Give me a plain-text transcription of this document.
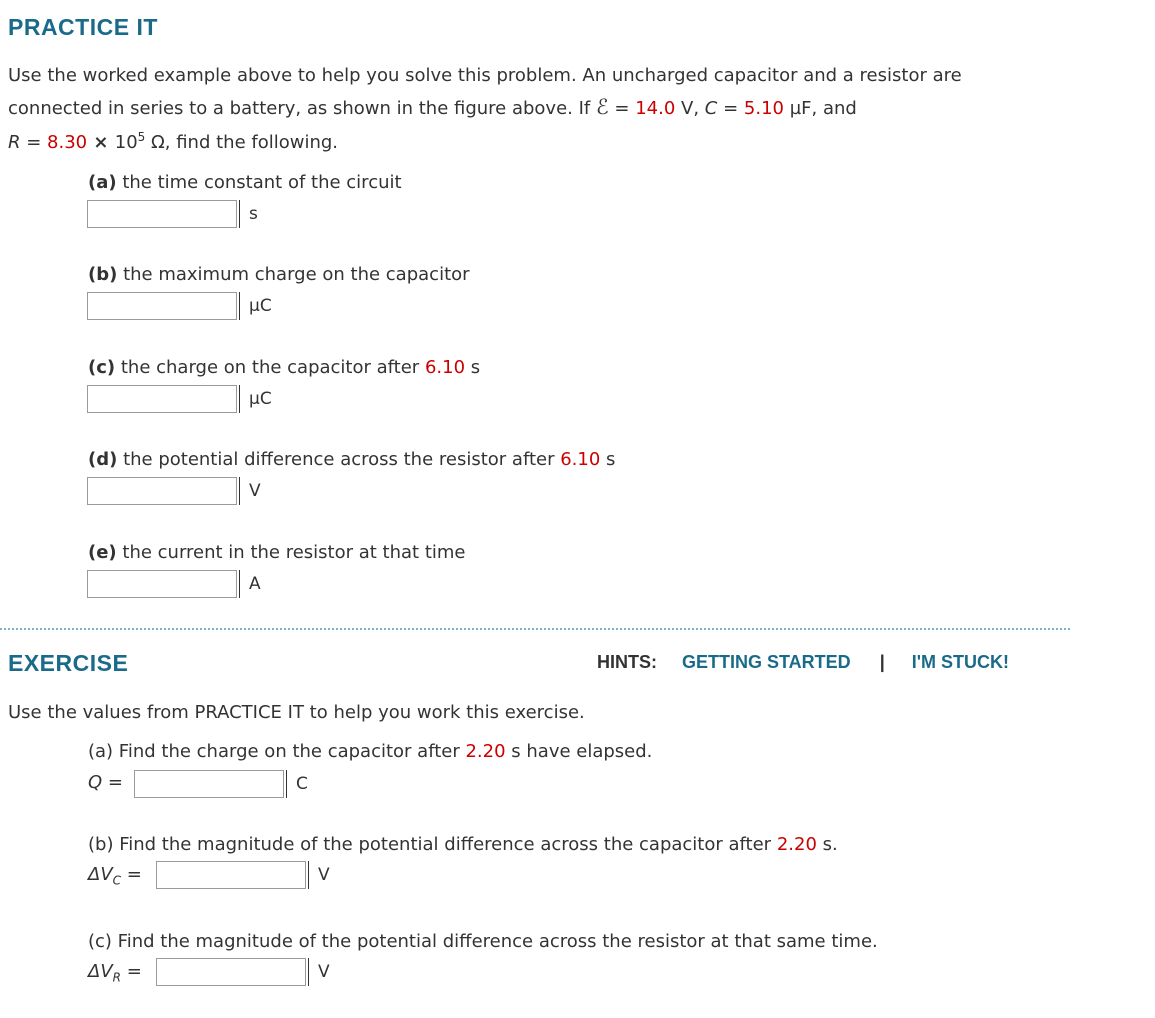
PRACTICE IT
Use the worked example above to help you solve this problem. An uncharged capacitor and a resistor are
connected in series to a battery, as shown in the figure above. If ℰ = 14.0 V, C = 5.10 µF, and
$R = 8.30 \times 10^5$ Ω, find the following.
(a) the time constant of the circuit
s
(b) the maximum charge on the capacitor
µC
(c) the charge on the capacitor after 6.10 s
µC
(d) the potential difference across the resistor after 6.10 s
V
(e) the current in the resistor at that time
A
EXERCISE	HINTS: GETTING STARTED | I'M STUCK!
Use the values from PRACTICE IT to help you work this exercise.
(a) Find the charge on the capacitor after 2.20 s have elapsed.
Q =	C
(b) Find the magnitude of the potential difference across the capacitor after 2.20 s.
$\Delta V_C$ =	V
(c) Find the magnitude of the potential difference across the resistor at that same time.
$\Delta V_R$ =	V
